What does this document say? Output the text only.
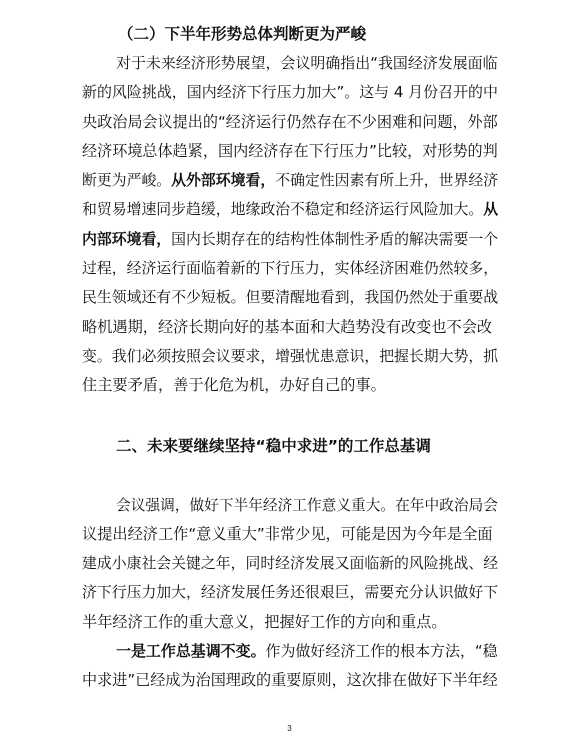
（二）下半年形势总体判断更为严峻
对于未来经济形势展望，会议明确指出“我国经济发展面临
新的风险挑战，国内经济下行压力加大”。这与 4 月份召开的中
央政治局会议提出的“经济运行仍然存在不少困难和问题，外部
经济环境总体趋紧，国内经济存在下行压力”比较，对形势的判
断更为严峻。从外部环境看，不确定性因素有所上升，世界经济
和贸易增速同步趋缓，地缘政治不稳定和经济运行风险加大。从
内部环境看，国内长期存在的结构性体制性矛盾的解决需要一个
过程，经济运行面临着新的下行压力，实体经济困难仍然较多，
民生领域还有不少短板。但要清醒地看到，我国仍然处于重要战
略机遇期，经济长期向好的基本面和大趋势没有改变也不会改
变。我们必须按照会议要求，增强忧患意识，把握长期大势，抓
住主要矛盾，善于化危为机，办好自己的事。
二、未来要继续坚持“稳中求进”的工作总基调
会议强调，做好下半年经济工作意义重大。在年中政治局会
议提出经济工作“意义重大”非常少见，可能是因为今年是全面
建成小康社会关键之年，同时经济发展又面临新的风险挑战、经
济下行压力加大，经济发展任务还很艰巨，需要充分认识做好下
半年经济工作的重大意义，把握好工作的方向和重点。
一是工作总基调不变。作为做好经济工作的根本方法，“稳
中求进”已经成为治国理政的重要原则，这次排在做好下半年经
3
